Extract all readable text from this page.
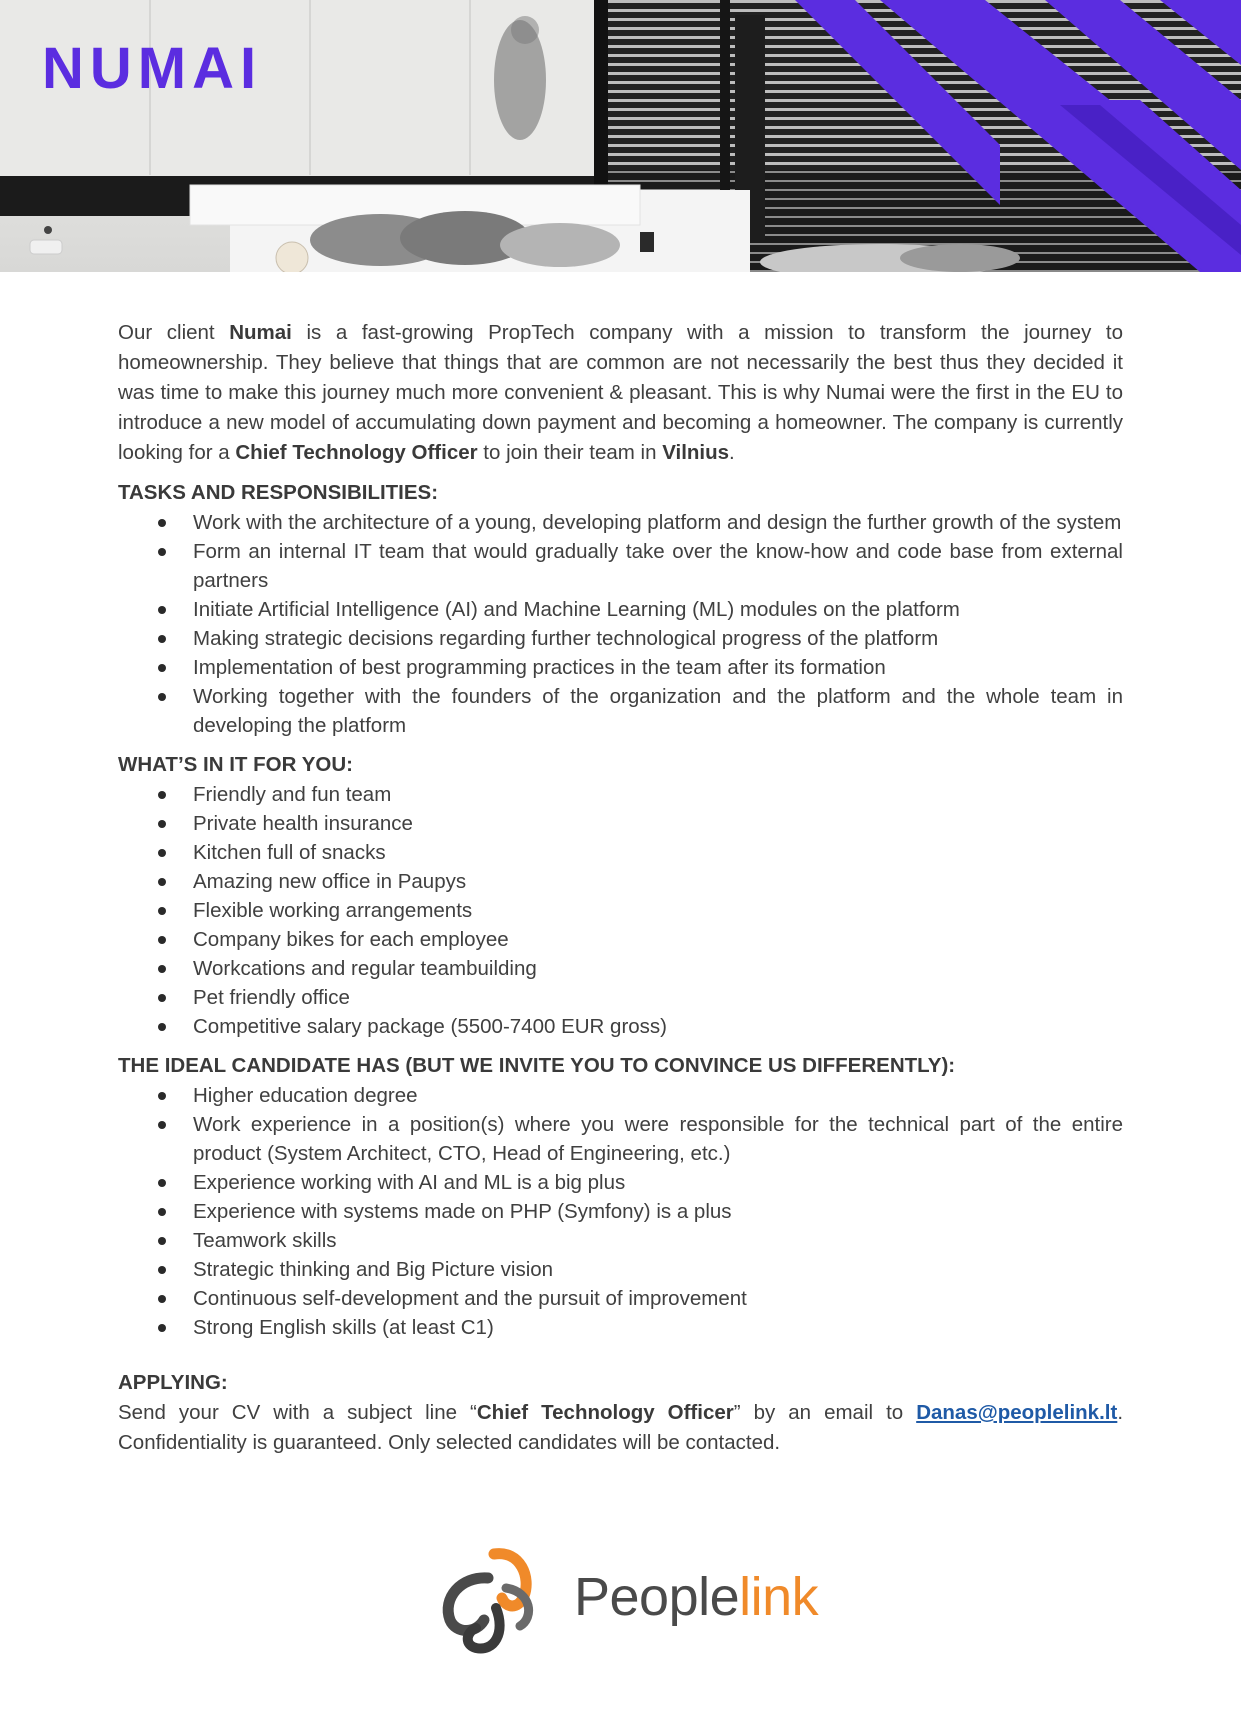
NUMAI

Our client Numai is a fast-growing PropTech company with a mission to transform the journey to homeownership. They believe that things that are common are not necessarily the best thus they decided it was time to make this journey much more convenient & pleasant. This is why Numai were the first in the EU to introduce a new model of accumulating down payment and becoming a homeowner. The company is currently looking for a Chief Technology Officer to join their team in Vilnius.

TASKS AND RESPONSIBILITIES:

Work with the architecture of a young, developing platform and design the further growth of the system
Form an internal IT team that would gradually take over the know-how and code base from external partners
Initiate Artificial Intelligence (AI) and Machine Learning (ML) modules on the platform
Making strategic decisions regarding further technological progress of the platform
Implementation of best programming practices in the team after its formation
Working together with the founders of the organization and the platform and the whole team in developing the platform

WHAT’S IN IT FOR YOU:

Friendly and fun team
Private health insurance
Kitchen full of snacks
Amazing new office in Paupys
Flexible working arrangements
Company bikes for each employee
Workcations and regular teambuilding
Pet friendly office
Competitive salary package (5500-7400 EUR gross)

THE IDEAL CANDIDATE HAS (BUT WE INVITE YOU TO CONVINCE US DIFFERENTLY):

Higher education degree
Work experience in a position(s) where you were responsible for the technical part of the entire product (System Architect, CTO, Head of Engineering, etc.)
Experience working with AI and ML is a big plus
Experience with systems made on PHP (Symfony) is a plus
Teamwork skills
Strategic thinking and Big Picture vision
Continuous self-development and the pursuit of improvement
Strong English skills (at least C1)

APPLYING:

Send your CV with a subject line “Chief Technology Officer” by an email to Danas@peoplelink.lt. Confidentiality is guaranteed. Only selected candidates will be contacted.

Peoplelink
